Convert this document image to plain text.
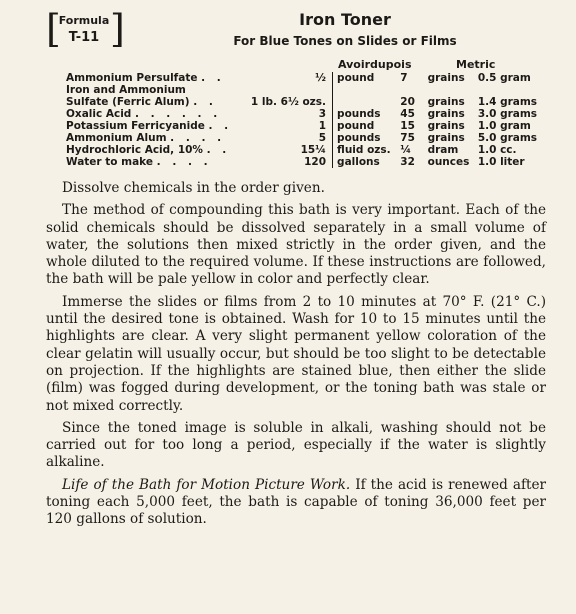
[
Formula
T-11 ]	Iron Toner
For Blue Tones on Slides or Films
Avoirdupois	Metric
Ammonium Persulfate . .	½	pound	7	grains	0.5 gram
Iron and Ammonium					
Sulfate (Ferric Alum) . .	1 lb. 6½ ozs.		20	grains	1.4 grams
Oxalic Acid . . . . . .	3	pounds	45	grains	3.0 grams
Potassium Ferricyanide . .	1	pound	15	grains	1.0 gram
Ammonium Alum . . . .	5	pounds	75	grains	5.0 grams
Hydrochloric Acid, 10% . .	15¼	fluid ozs.	¼	dram	1.0 cc.
Water to make . . . .	120	gallons	32	ounces	1.0 liter

Dissolve chemicals in the order given.

The method of compounding this bath is very important. Each of the solid chemicals should be dissolved separately in a small volume of water, the solutions then mixed strictly in the order given, and the whole diluted to the required volume. If these instructions are followed, the bath will be pale yellow in color and perfectly clear.

Immerse the slides or films from 2 to 10 minutes at 70° F. (21° C.) until the desired tone is obtained. Wash for 10 to 15 minutes until the highlights are clear. A very slight permanent yellow coloration of the clear gelatin will usually occur, but should be too slight to be detectable on projection. If the highlights are stained blue, then either the slide (film) was fogged during development, or the toning bath was stale or not mixed correctly.

Since the toned image is soluble in alkali, washing should not be carried out for too long a period, especially if the water is slightly alkaline.

Life of the Bath for Motion Picture Work. If the acid is renewed after toning each 5,000 feet, the bath is capable of toning 36,000 feet per 120 gallons of solution.
